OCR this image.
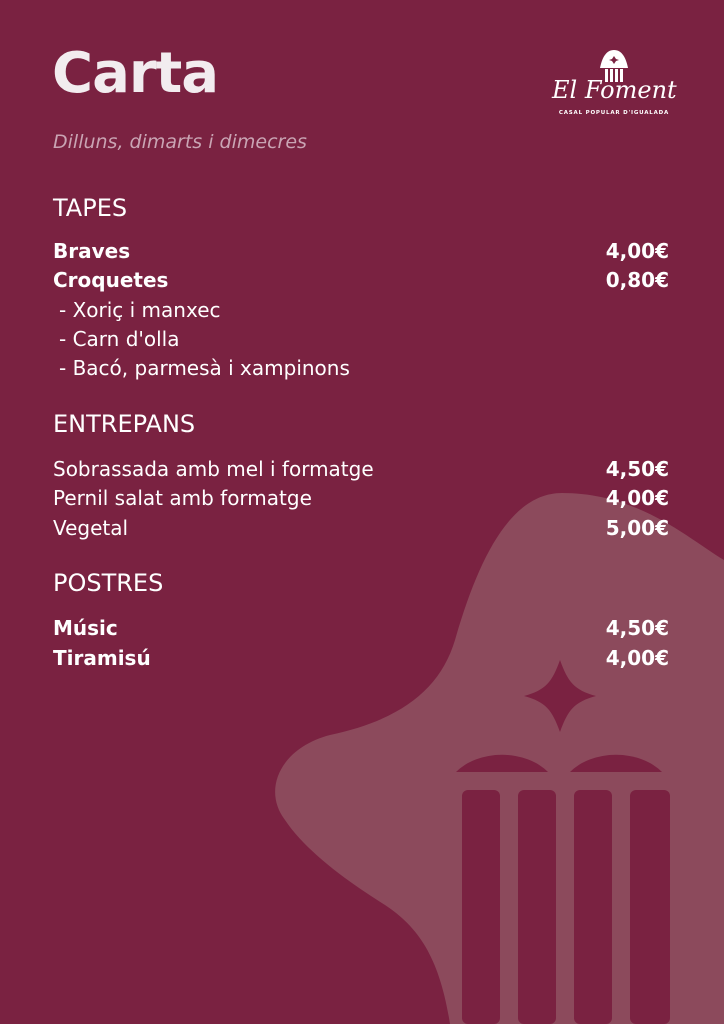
Carta
Dilluns, dimarts i dimecres
El Foment
CASAL POPULAR D'IGUALADA
TAPES
Braves	4,00€
Croquetes	0,80€
- Xoriç i manxec
- Carn d'olla
- Bacó, parmesà i xampinons
ENTREPANS
Sobrassada amb mel i formatge	4,50€
Pernil salat amb formatge	4,00€
Vegetal	5,00€
POSTRES
Músic	4,50€
Tiramisú	4,00€
